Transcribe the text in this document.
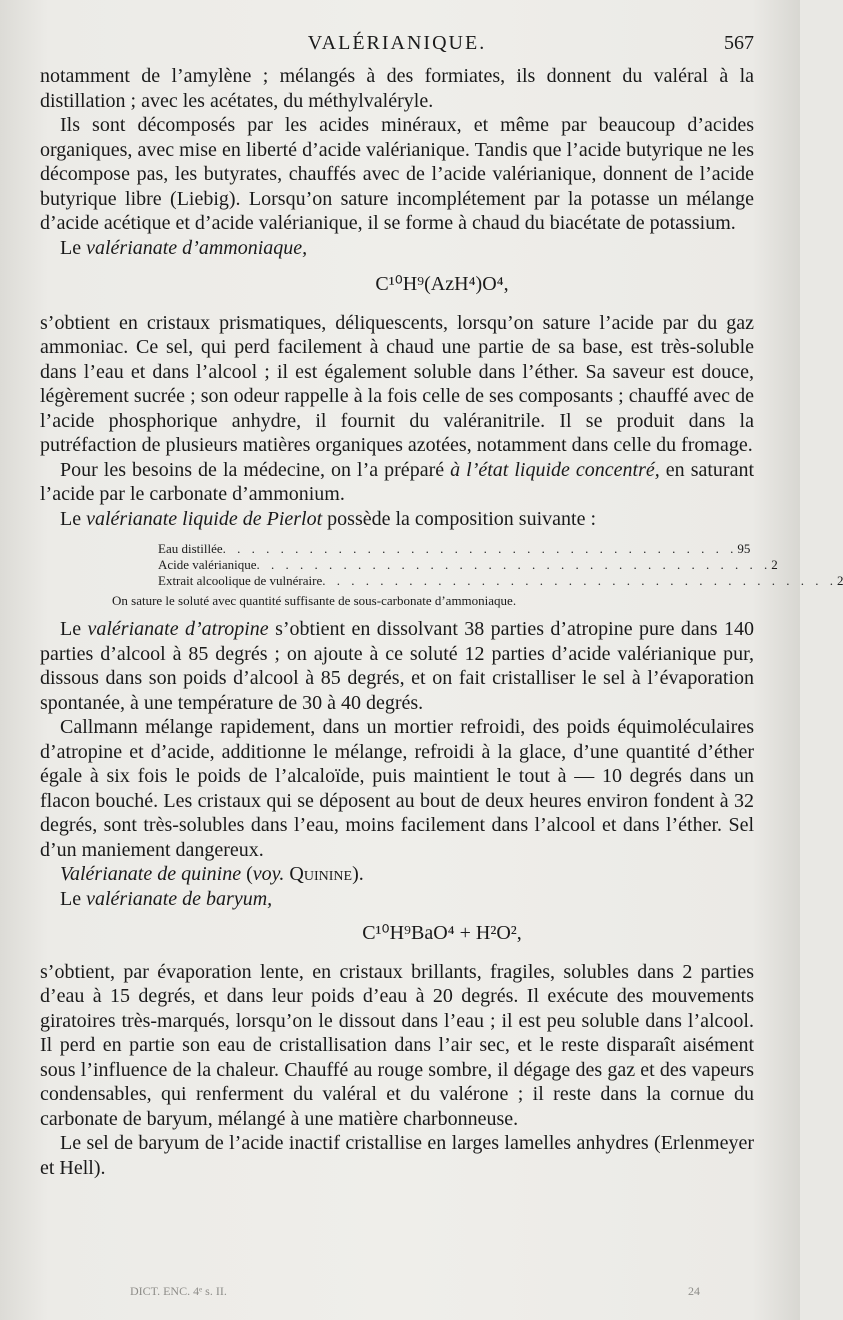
VALÉRIANIQUE.	567

notamment de l’amylène ; mélangés à des formiates, ils donnent du valéral à la distillation ; avec les acétates, du méthylvaléryle.

Ils sont décomposés par les acides minéraux, et même par beaucoup d’acides organiques, avec mise en liberté d’acide valérianique. Tandis que l’acide butyrique ne les décompose pas, les butyrates, chauffés avec de l’acide valérianique, donnent de l’acide butyrique libre (Liebig). Lorsqu’on sature incomplétement par la potasse un mélange d’acide acétique et d’acide valérianique, il se forme à chaud du biacétate de potassium.

Le valérianate d’ammoniaque,

C¹⁰H⁹(AzH⁴)O⁴,

s’obtient en cristaux prismatiques, déliquescents, lorsqu’on sature l’acide par du gaz ammoniac. Ce sel, qui perd facilement à chaud une partie de sa base, est très-soluble dans l’eau et dans l’alcool ; il est également soluble dans l’éther. Sa saveur est douce, légèrement sucrée ; son odeur rappelle à la fois celle de ses composants ; chauffé avec de l’acide phosphorique anhydre, il fournit du valéranitrile. Il se produit dans la putréfaction de plusieurs matières organiques azotées, notamment dans celle du fromage.

Pour les besoins de la médecine, on l’a préparé à l’état liquide concentré, en saturant l’acide par le carbonate d’ammonium.

Le valérianate liquide de Pierlot possède la composition suivante :

Eau distillée . . . . . . . . . . . . . . . . . . . . . . . . . . . . . . . . . . . . 95
Acide valérianique . . . . . . . . . . . . . . . . . . . . . . . . . . . . . . . . . . . . 2
Extrait alcoolique de vulnéraire . . . . . . . . . . . . . . . . . . . . . . . . . . . . . . . . . . . . 2
On sature le soluté avec quantité suffisante de sous-carbonate d’ammoniaque.

Le valérianate d’atropine s’obtient en dissolvant 38 parties d’atropine pure dans 140 parties d’alcool à 85 degrés ; on ajoute à ce soluté 12 parties d’acide valérianique pur, dissous dans son poids d’alcool à 85 degrés, et on fait cristalliser le sel à l’évaporation spontanée, à une température de 30 à 40 degrés.

Callmann mélange rapidement, dans un mortier refroidi, des poids équimoléculaires d’atropine et d’acide, additionne le mélange, refroidi à la glace, d’une quantité d’éther égale à six fois le poids de l’alcaloïde, puis maintient le tout à — 10 degrés dans un flacon bouché. Les cristaux qui se déposent au bout de deux heures environ fondent à 32 degrés, sont très-solubles dans l’eau, moins facilement dans l’alcool et dans l’éther. Sel d’un maniement dangereux.

Valérianate de quinine (voy. Quinine).

Le valérianate de baryum,

C¹⁰H⁹BaO⁴ + H²O²,

s’obtient, par évaporation lente, en cristaux brillants, fragiles, solubles dans 2 parties d’eau à 15 degrés, et dans leur poids d’eau à 20 degrés. Il exécute des mouvements giratoires très-marqués, lorsqu’on le dissout dans l’eau ; il est peu soluble dans l’alcool. Il perd en partie son eau de cristallisation dans l’air sec, et le reste disparaît aisément sous l’influence de la chaleur. Chauffé au rouge sombre, il dégage des gaz et des vapeurs condensables, qui renferment du valéral et du valérone ; il reste dans la cornue du carbonate de baryum, mélangé à une matière charbonneuse.

Le sel de baryum de l’acide inactif cristallise en larges lamelles anhydres (Erlenmeyer et Hell).

DICT. ENC. 4ᵉ s. II.	24
